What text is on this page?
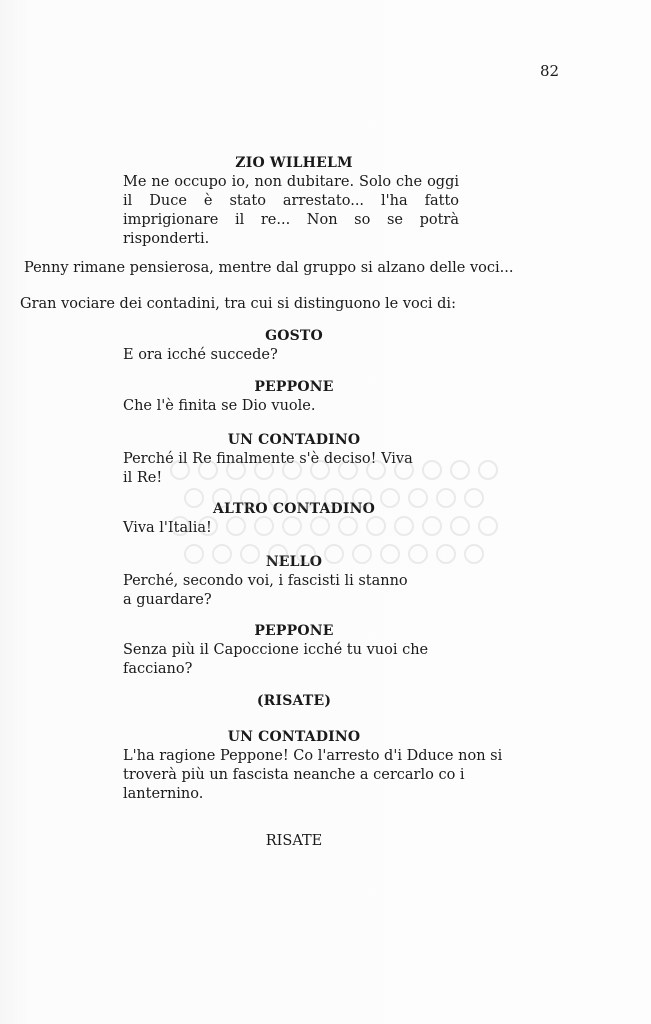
82
ZIO WILHELM
Me ne occupo io, non dubitare. Solo che oggi il Duce è stato arrestato... l'ha fatto imprigionare il re... Non so se potrà risponderti.
Penny rimane pensierosa, mentre dal gruppo si alzano delle voci...
Gran vociare dei contadini, tra cui si distinguono le voci di:
GOSTO
E ora icché succede?
PEPPONE
Che l'è finita se Dio vuole.
UN CONTADINO
Perché il Re finalmente s'è deciso! Viva
il Re!
ALTRO CONTADINO
Viva l'Italia!
NELLO
Perché, secondo voi, i fascisti li stanno
a guardare?
PEPPONE
Senza più il Capoccione icché tu vuoi che
facciano?
(RISATE)
UN CONTADINO
L'ha ragione Peppone! Co l'arresto d'i Dduce non si
troverà più un fascista neanche a cercarlo co i
lanternino.
RISATE
